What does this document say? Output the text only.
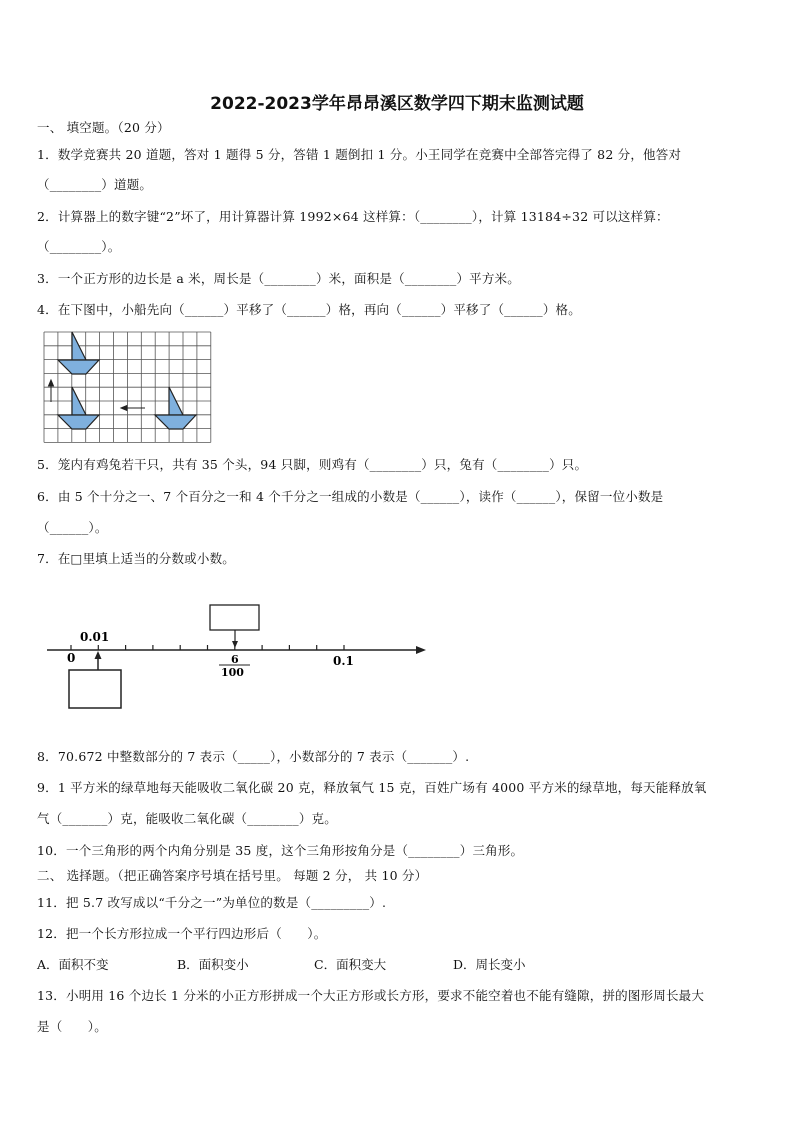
2022-2023学年昂昂溪区数学四下期末监测试题
一、 填空题。（20 分）
1．数学竞赛共 20 道题，答对 1 题得 5 分，答错 1 题倒扣 1 分。小王同学在竞赛中全部答完得了 82 分，他答对
（________）道题。
2．计算器上的数字键“2”坏了，用计算器计算 1992×64 这样算：（________），计算 13184÷32 可以这样算：
（________）。
3．一个正方形的边长是 a 米，周长是（________）米，面积是（________）平方米。
4．在下图中，小船先向（______）平移了（______）格，再向（______）平移了（______）格。
0.01
0	6
100
0.1
5．笼内有鸡兔若干只，共有 35 个头，94 只脚，则鸡有（________）只，兔有（________）只。
6．由 5 个十分之一、7 个百分之一和 4 个千分之一组成的小数是（______），读作（______），保留一位小数是
（______）。
7．在□里填上适当的分数或小数。
8．70.672 中整数部分的 7 表示（_____），小数部分的 7 表示（_______）.
9．1 平方米的绿草地每天能吸收二氧化碳 20 克，释放氧气 15 克，百姓广场有 4000 平方米的绿草地，每天能释放氧
气（_______）克，能吸收二氧化碳（________）克。
10．一个三角形的两个内角分别是 35 度，这个三角形按角分是（________）三角形。
二、 选择题。（把正确答案序号填在括号里。 每题 2 分， 共 10 分）
11．把 5.7 改写成以“千分之一”为单位的数是（_________）.
12．把一个长方形拉成一个平行四边形后（　　）。
A．面积不变	B．面积变小	C．面积变大	D．周长变小
13．小明用 16 个边长 1 分米的小正方形拼成一个大正方形或长方形，要求不能空着也不能有缝隙，拼的图形周长最大
是（　　）。
